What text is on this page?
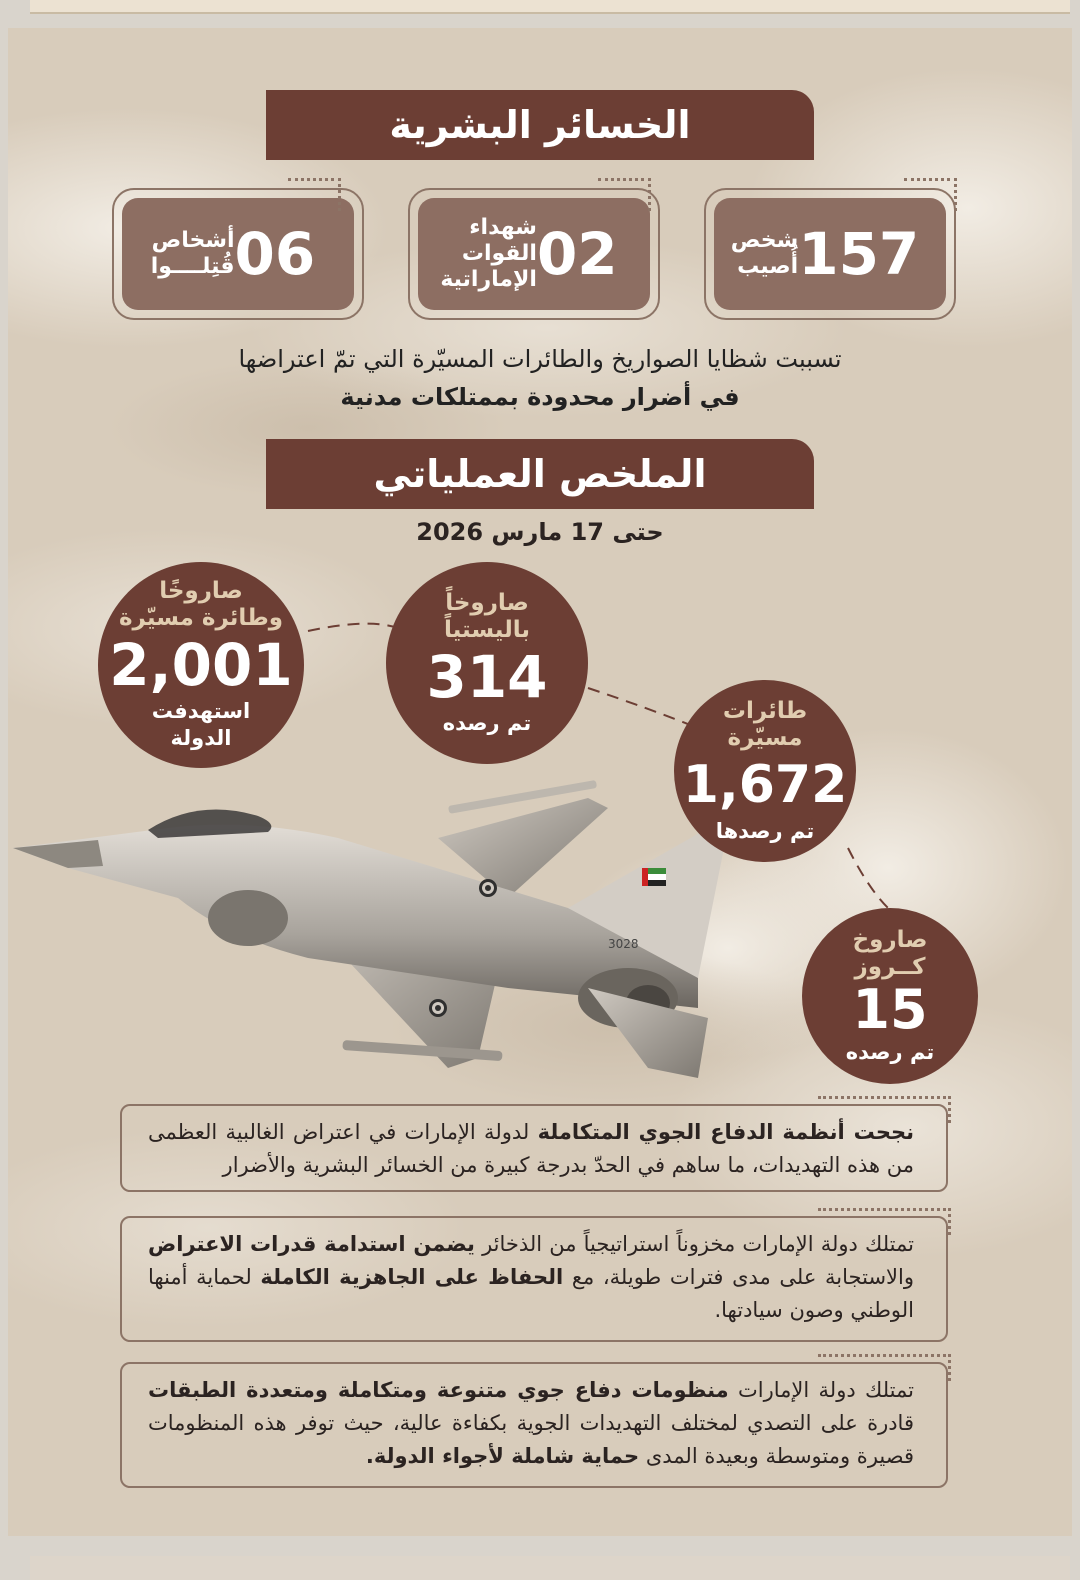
الخسائر البشرية
157
شخص
أُصيب
02
شهداء
القوات
الإماراتية
06
أشخاص
قُتِلــــوا
تسببت شظايا الصواريخ والطائرات المسيّرة التي تمّ اعتراضها
في أضرار محدودة بممتلكات مدنية
الملخص العملياتي
حتى 17 مارس 2026
3028
صاروخًا
وطائرة مسيّرة
2,001
استهدفت
الدولة
صاروخاً
باليستياً
314
تم رصده	طائرات
مسيّرة
1,672
تم رصدها
صاروخ
كــروز
15
تم رصده
نجحت أنظمة الدفاع الجوي المتكاملة لدولة الإمارات في اعتراض الغالبية العظمى من هذه التهديدات، ما ساهم في الحدّ بدرجة كبيرة من الخسائر البشرية والأضرار
تمتلك دولة الإمارات مخزوناً استراتيجياً من الذخائر يضمن استدامة قدرات الاعتراض والاستجابة على مدى فترات طويلة، مع الحفاظ على الجاهزية الكاملة لحماية أمنها الوطني وصون سيادتها.
تمتلك دولة الإمارات منظومات دفاع جوي متنوعة ومتكاملة ومتعددة الطبقات قادرة على التصدي لمختلف التهديدات الجوية بكفاءة عالية، حيث توفر هذه المنظومات قصيرة ومتوسطة وبعيدة المدى حماية شاملة لأجواء الدولة.
